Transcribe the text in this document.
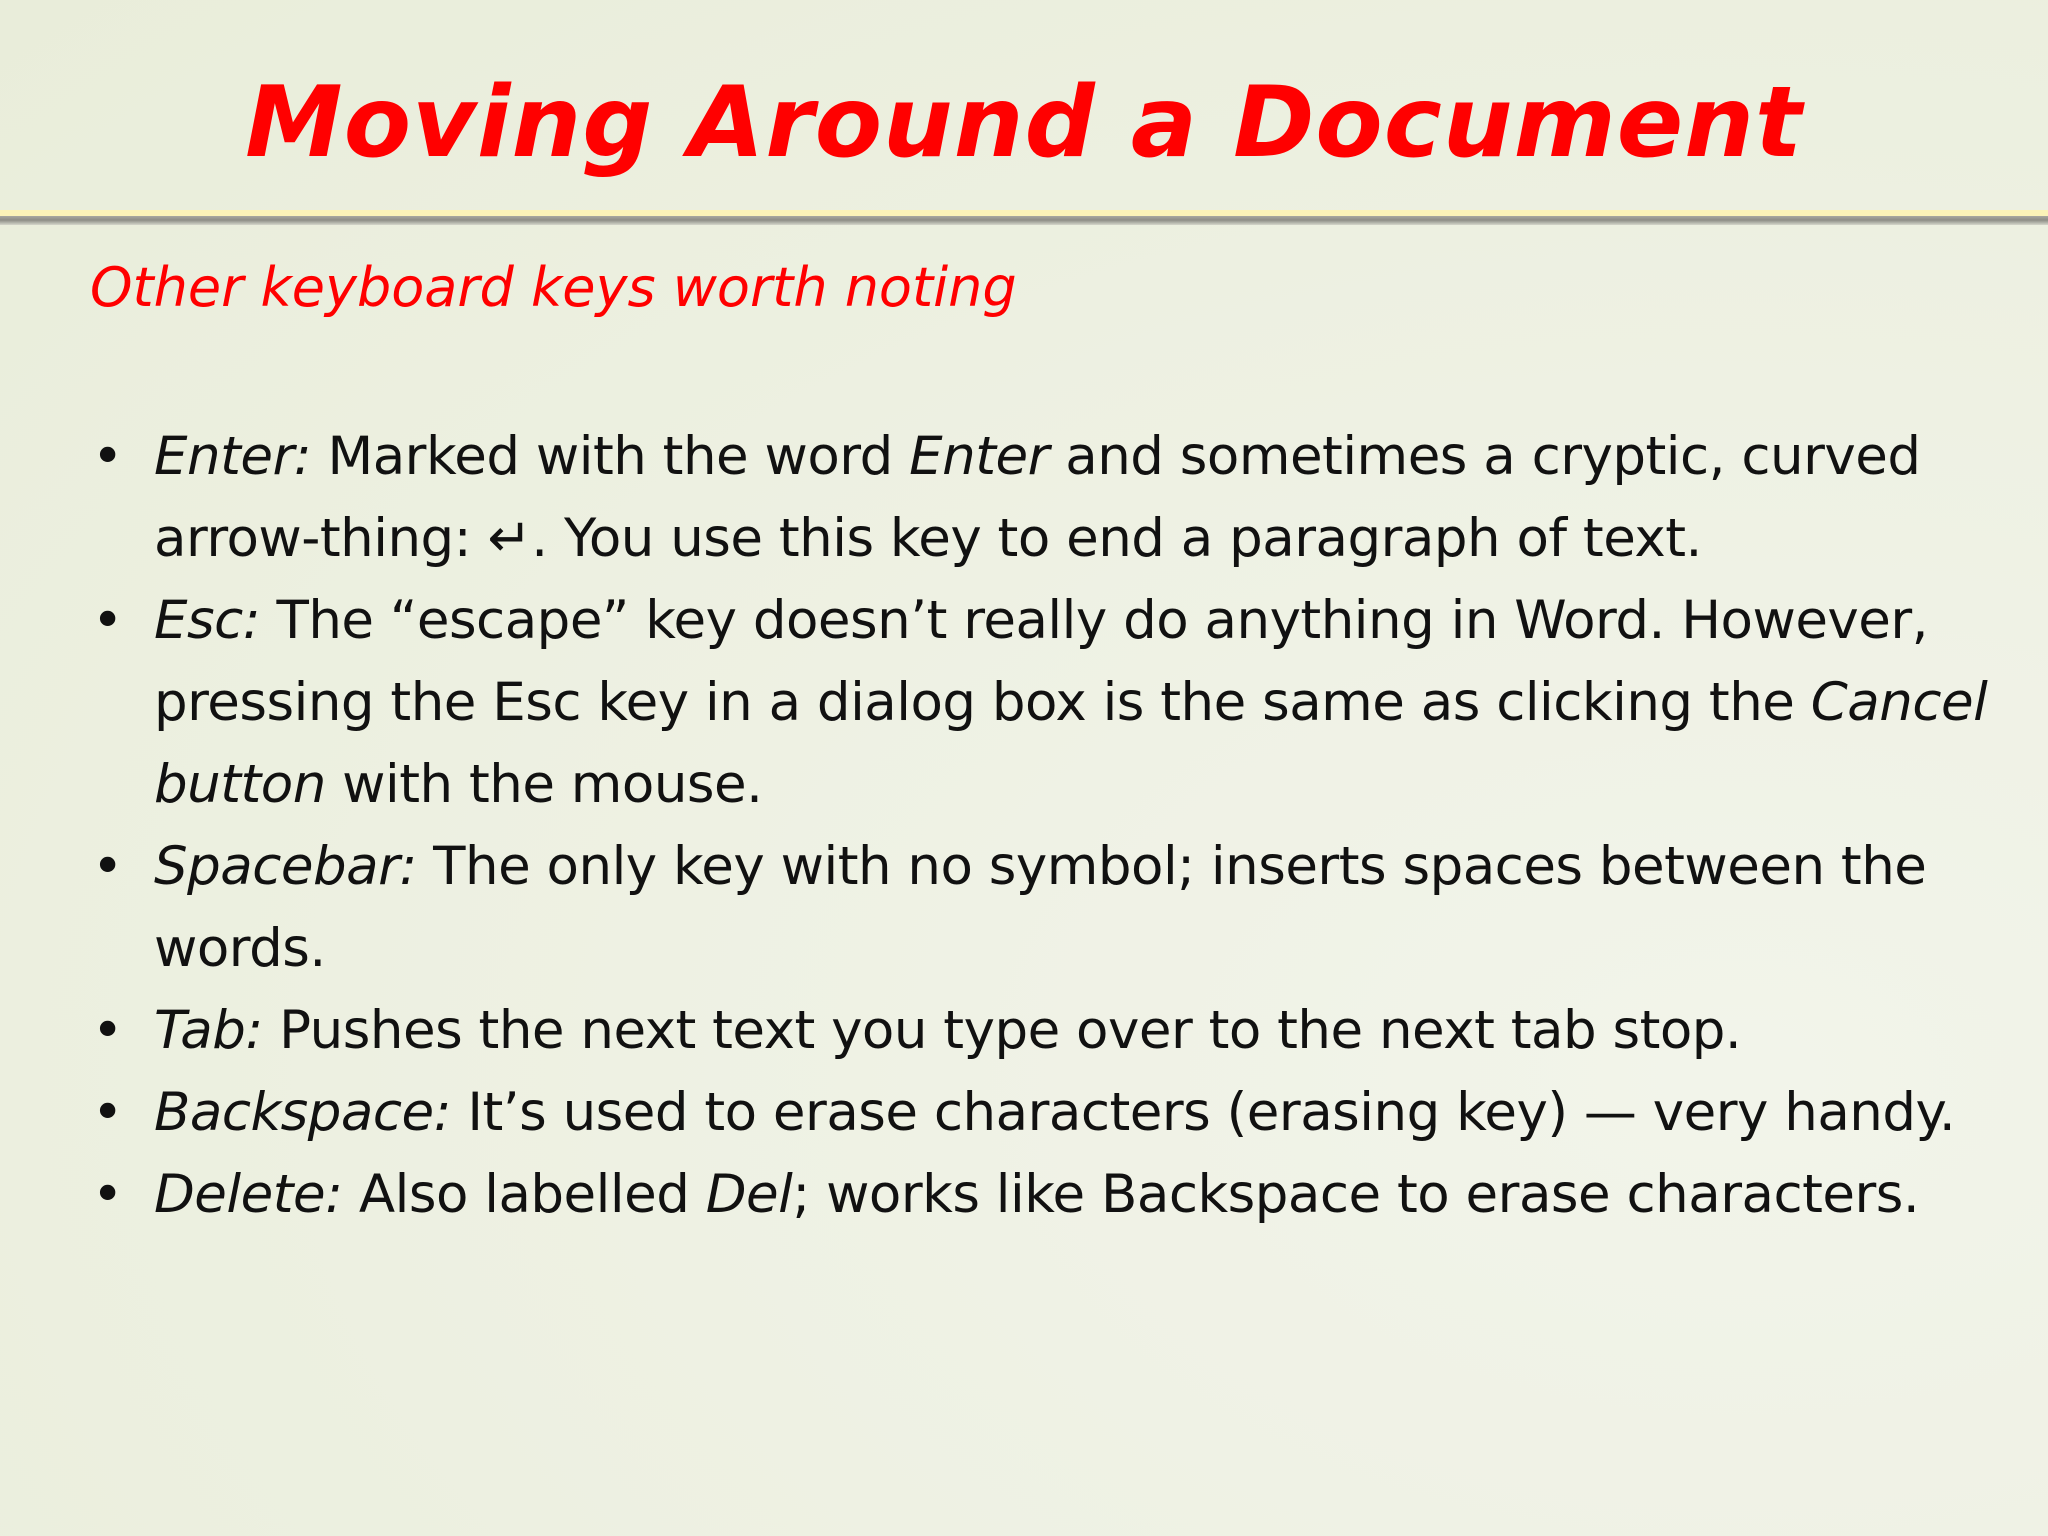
Moving Around a Document
Other keyboard keys worth noting
• Enter: Marked with the word Enter and sometimes a cryptic, curved arrow-thing: ↵. You use this key to end a paragraph of text.
• Esc: The “escape” key doesn’t really do anything in Word. However, pressing the Esc key in a dialog box is the same as clicking the Cancel button with the mouse.
• Spacebar: The only key with no symbol; inserts spaces between the words.
• Tab: Pushes the next text you type over to the next tab stop.
• Backspace: It’s used to erase characters (erasing key) — very handy.
• Delete: Also labelled Del; works like Backspace to erase characters.
